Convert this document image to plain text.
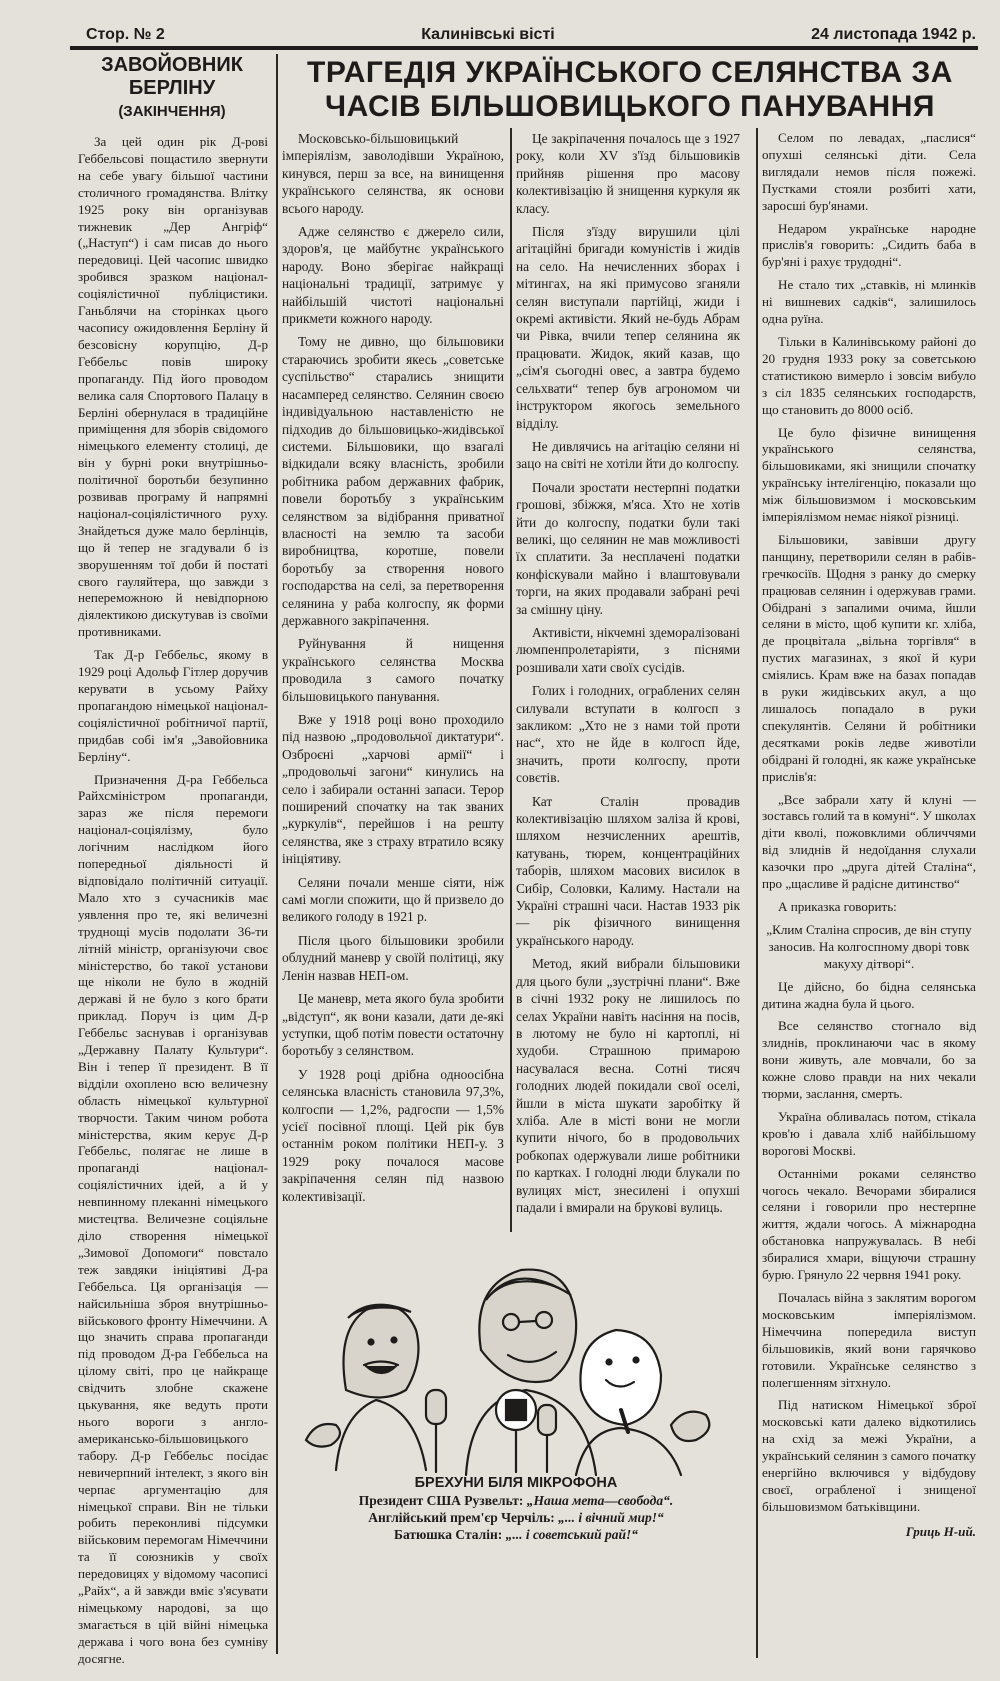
Стор. № 2	Калинівські вісті	24 листопада 1942 р.
ЗАВОЙОВНИК БЕРЛІНУ
(ЗАКІНЧЕННЯ)

За цей один рік Д-рові Геббельсові пощастило звернути на себе увагу більшої частини столичного громадянства. Влітку 1925 року він організував тижневик „Дер Ангріф“ („Наступ“) і сам писав до нього передовиці. Цей часопис швидко зробився зразком націонал-соціялістичної публіцистики. Ганьблячи на сторінках цього часопису ожидовлення Берліну й безсовісну корупцію, Д-р Геббельс повів широку пропаганду. Під його проводом велика саля Спортового Палацу в Берліні обернулася в традиційне приміщення для зборів свідомого німецького елементу столиці, де він у бурні роки внутрішньо-політичної боротьби безупинно розвивав програму й напрямні націонал-соціялістичного руху. Знайдеться дуже мало берлінців, що й тепер не згадували б із зворушенням тої доби й постаті свого гауляйтера, що завжди з непереможною й невідпорною діялектикою дискутував із своїми противниками.

Так Д-р Геббельс, якому в 1929 році Адольф Гітлер доручив керувати в усьому Райху пропагандою німецької націонал-соціялістичної робітничої партії, придбав собі ім'я „Завойовника Берліну“.

Призначення Д-ра Геббельса Райхсміністром пропаганди, зараз же після перемоги націонал-соціялізму, було логічним наслідком його попередньої діяльності й відповідало політичній ситуації. Мало хто з сучасників має уявлення про те, які величезні труднощі мусів подолати 36-ти літній міністр, організуючи своє міністерство, бо такої установи ще ніколи не було в жодній державі й не було з кого брати приклад. Поруч із цим Д-р Геббельс заснував і організував „Державну Палату Культури“. Він і тепер її президент. В її відділи охоплено всю величезну область німецької культурної творчости. Таким чином робота міністерства, яким керує Д-р Геббельс, полягає не лише в пропаганді націонал-соціялістичних ідей, а й у невпинному плеканні німецького мистецтва. Величезне соціяльне діло створення німецької „Зимової Допомоги“ повстало теж завдяки ініціятиві Д-ра Геббельса. Ця організація — найсильніша зброя внутрішньо-військового фронту Німеччини. А що значить справа пропаганди під проводом Д-ра Геббельса на цілому світі, про це найкраще свідчить злобне скажене цькування, яке ведуть проти нього вороги з англо-американсько-більшовицького табору. Д-р Геббельс посідає невичерпний інтелект, з якого він черпає аргументацію для німецької справи. Він не тільки робить переконливі підсумки військовим перемогам Німеччини та її союзників у своїх передовицях у відомому часописі „Райх“, а й завжди вміє з'ясувати німецькому народові, за що змагається в цій війні німецька держава і чого вона без сумніву досягне.

ТРАГЕДІЯ УКРАЇНСЬКОГО СЕЛЯНСТВА ЗА ЧАСІВ БІЛЬШОВИЦЬКОГО ПАНУВАННЯ

Московсько-більшовицький імперіялізм, заволодівши Україною, кинувся, перш за все, на винищення українського селянства, як основи всього народу.

Адже селянство є джерело сили, здоров'я, це майбутнє українського народу. Воно зберігає найкращі національні традиції, затримує у найбільшій чистоті національні прикмети кожного народу.

Тому не дивно, що більшовики стараючись зробити якесь „советське суспільство“ старались знищити насамперед селянство. Селянин своєю індивідуальною наставленістю не підходив до більшовицько-жидівської системи. Більшовики, що взагалі відкидали всяку власність, зробили робітника рабом державних фабрик, повели боротьбу з українським селянством за відібрання приватної власності на землю та засоби виробництва, коротше, повели боротьбу за створення нового господарства на селі, за перетворення селянина у раба колгоспу, як форми державного закріпачення.

Руйнування й нищення українського селянства Москва проводила з самого початку більшовицького панування.

Вже у 1918 році воно проходило під назвою „продовольчої диктатури“. Озброєні „харчові армії“ і „продовольчі загони“ кинулись на село і забирали останні запаси. Терор поширений спочатку на так званих „куркулів“, перейшов і на решту селянства, яке з страху втратило всяку ініціятиву.

Селяни почали менше сіяти, ніж самі могли спожити, що й призвело до великого голоду в 1921 р.

Після цього більшовики зробили облудний маневр у своїй політиці, яку Ленін назвав НЕП-ом.

Це маневр, мета якого була зробити „відступ“, як вони казали, дати де-які уступки, щоб потім повести остаточну боротьбу з селянством.

У 1928 році дрібна одноосібна селянська власність становила 97,3%, колгоспи — 1,2%, радгоспи — 1,5% усієї посівної площі. Цей рік був останнім роком політики НЕП-у. З 1929 року почалося масове закріпачення селян під назвою колективізації.

Це закріпачення почалось ще з 1927 року, коли XV з'їзд більшовиків прийняв рішення про масову колективізацію й знищення куркуля як класу.

Після з'їзду вирушили цілі агітаційні бригади комуністів і жидів на село. На нечисленних зборах і мітингах, на які примусово зганяли селян виступали партійці, жиди і окремі активісти. Який не-будь Абрам чи Рівка, вчили тепер селянина як працювати. Жидок, який казав, що „сім'я сьогодні овес, а завтра будемо сельхвати“ тепер був агрономом чи інструктором якогось земельного відділу.

Не дивлячись на агітацію селяни ні зацо на світі не хотіли йти до колгоспу.

Почали зростати нестерпні податки грошові, збіжжя, м'яса. Хто не хотів йти до колгоспу, податки були такі великі, що селянин не мав можливості їх сплатити. За несплачені податки конфіскували майно і влаштовували торги, на яких продавали забрані речі за смішну ціну.

Активісти, нікчемні здеморалізовані люмпенпролетаріяти, з піснями розшивали хати своїх сусідів.

Голих і голодних, ограблених селян силували вступати в колгосп з закликом: „Хто не з нами той проти нас“, хто не йде в колгосп йде, значить, проти колгоспу, проти совєтів.

Кат Сталін провадив колективізацію шляхом заліза й крові, шляхом незчисленних арештів, катувань, тюрем, концентраційних таборів, шляхом масових висилок в Сибір, Соловки, Калиму. Настали на Україні страшні часи. Настав 1933 рік — рік фізичного винищення українського народу.

Метод, який вибрали більшовики для цього були „зустрічні плани“. Вже в січні 1932 року не лишилось по селах України навіть насіння на посів, в лютому не було ні картоплі, ні худоби. Страшною примарою насувалася весна. Сотні тисяч голодних людей покидали свої оселі, йшли в міста шукати заробітку й хліба. Але в місті вони не могли купити нічого, бо в продовольчих робкопах одержували лише робітники по картках. І голодні люди блукали по вулицях міст, знесилені і опухші падали і вмирали на брукові вулиць.

Селом по левадах, „паслися“ опухші селянські діти. Села виглядали немов після пожежі. Пустками стояли розбиті хати, заросші бур'янами.

Недаром українське народне прислів'я говорить: „Сидить баба в бур'яні і рахує трудодні“.

Не стало тих „ставків, ні млинків ні вишневих садків“, залишилось одна руїна.

Тільки в Калинівському районі до 20 грудня 1933 року за советською статистикою вимерло і зовсім вибуло з сіл 1835 селянських господарств, що становить до 8000 осіб.

Це було фізичне винищення українського селянства, більшовиками, які знищили спочатку українську інтелігенцію, показали що між більшовизмом і московським імперіялізмом немає ніякої різниці.

Більшовики, завівши другу панщину, перетворили селян в рабів-гречкосіїв. Щодня з ранку до смерку працював селянин і одержував грами. Обідрані з запалими очима, йшли селяни в місто, щоб купити кг. хліба, де процвітала „вільна торгівля“ в пустих магазинах, з якої й кури сміялись. Крам вже на базах попадав в руки жидівських акул, а що лишалось попадало в руки спекулянтів. Селяни й робітники десятками років ледве животіли обідрані й голодні, як каже українське прислів'я:

„Все забрали хату й клуні — зоставсь голий та в комуні“. У школах діти кволі, пожовклими обличчями від злиднів й недоїдання слухали казочки про „друга дітей Сталіна“, про „щасливе й радісне дитинство“

А приказка говорить:

„Клим Сталіна спросив, де він ступу заносив. На колгоспному дворі товк макуху дітворі“.

Це дійсно, бо бідна селянська дитина жадна була й цього.

Все селянство стогнало від злиднів, проклинаючи час в якому вони живуть, але мовчали, бо за кожне слово правди на них чекали тюрми, заслання, смерть.

Україна обливалась потом, стікала кров'ю і давала хліб найбільшому ворогові Москві.

Останніми роками селянство чогось чекало. Вечорами збиралися селяни і говорили про нестерпне життя, ждали чогось. А міжнародна обстановка напружувалась. В небі збиралися хмари, віщуючи страшну бурю. Грянуло 22 червня 1941 року.

Почалась війна з заклятим ворогом московським імперіялізмом. Німеччина попередила виступ більшовиків, який вони гарячково готовили. Українське селянство з полегшенням зітхнуло.

Під натиском Німецької зброї московські кати далеко відкотились на схід за межі України, а український селянин з самого початку енергійно включився у відбудову своєї, ограбленої і знищеної більшовизмом батьківщини.

Гриць Н-ий.

БРЕХУНИ БІЛЯ МІКРОФОНА
Президент США Рузвельт: „Наша мета—свобода“.
Англійський прем'єр Черчіль: „... і вічний мир!“
Батюшка Сталін: „... і советський рай!“
